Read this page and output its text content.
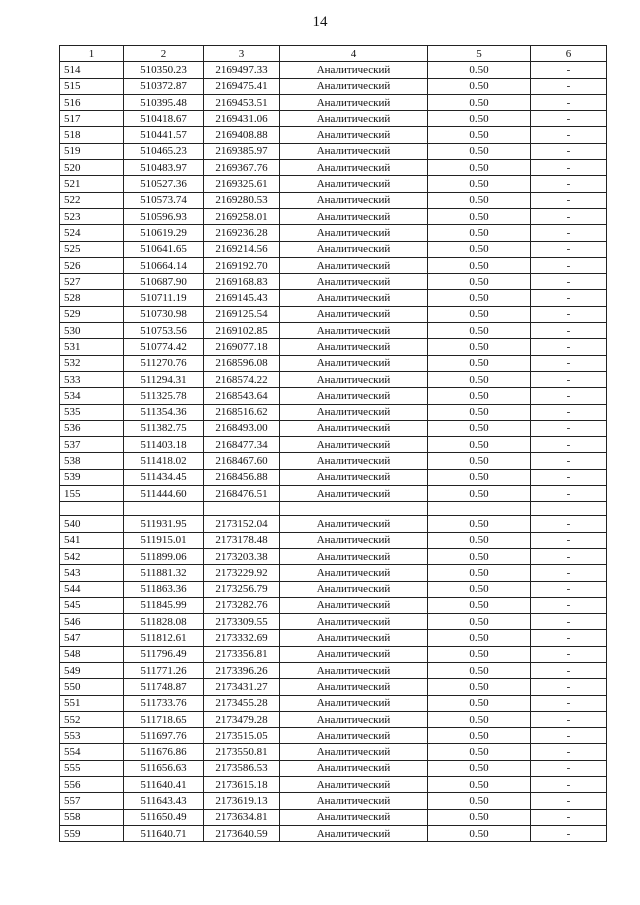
14
1	2	3	4	5	6
514	510350.23	2169497.33	Аналитический	0.50	-
515	510372.87	2169475.41	Аналитический	0.50	-
516	510395.48	2169453.51	Аналитический	0.50	-
517	510418.67	2169431.06	Аналитический	0.50	-
518	510441.57	2169408.88	Аналитический	0.50	-
519	510465.23	2169385.97	Аналитический	0.50	-
520	510483.97	2169367.76	Аналитический	0.50	-
521	510527.36	2169325.61	Аналитический	0.50	-
522	510573.74	2169280.53	Аналитический	0.50	-
523	510596.93	2169258.01	Аналитический	0.50	-
524	510619.29	2169236.28	Аналитический	0.50	-
525	510641.65	2169214.56	Аналитический	0.50	-
526	510664.14	2169192.70	Аналитический	0.50	-
527	510687.90	2169168.83	Аналитический	0.50	-
528	510711.19	2169145.43	Аналитический	0.50	-
529	510730.98	2169125.54	Аналитический	0.50	-
530	510753.56	2169102.85	Аналитический	0.50	-
531	510774.42	2169077.18	Аналитический	0.50	-
532	511270.76	2168596.08	Аналитический	0.50	-
533	511294.31	2168574.22	Аналитический	0.50	-
534	511325.78	2168543.64	Аналитический	0.50	-
535	511354.36	2168516.62	Аналитический	0.50	-
536	511382.75	2168493.00	Аналитический	0.50	-
537	511403.18	2168477.34	Аналитический	0.50	-
538	511418.02	2168467.60	Аналитический	0.50	-
539	511434.45	2168456.88	Аналитический	0.50	-
155	511444.60	2168476.51	Аналитический	0.50	-

540	511931.95	2173152.04	Аналитический	0.50	-
541	511915.01	2173178.48	Аналитический	0.50	-
542	511899.06	2173203.38	Аналитический	0.50	-
543	511881.32	2173229.92	Аналитический	0.50	-
544	511863.36	2173256.79	Аналитический	0.50	-
545	511845.99	2173282.76	Аналитический	0.50	-
546	511828.08	2173309.55	Аналитический	0.50	-
547	511812.61	2173332.69	Аналитический	0.50	-
548	511796.49	2173356.81	Аналитический	0.50	-
549	511771.26	2173396.26	Аналитический	0.50	-
550	511748.87	2173431.27	Аналитический	0.50	-
551	511733.76	2173455.28	Аналитический	0.50	-
552	511718.65	2173479.28	Аналитический	0.50	-
553	511697.76	2173515.05	Аналитический	0.50	-
554	511676.86	2173550.81	Аналитический	0.50	-
555	511656.63	2173586.53	Аналитический	0.50	-
556	511640.41	2173615.18	Аналитический	0.50	-
557	511643.43	2173619.13	Аналитический	0.50	-
558	511650.49	2173634.81	Аналитический	0.50	-
559	511640.71	2173640.59	Аналитический	0.50	-
